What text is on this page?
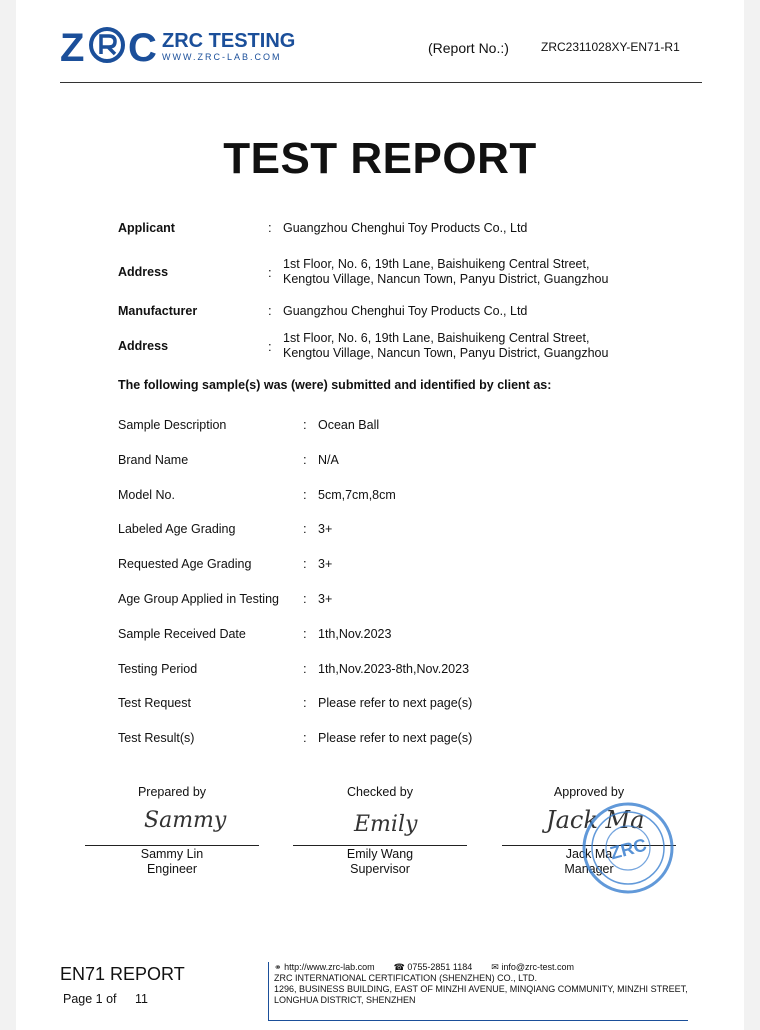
Z C ZRC TESTING
WWW.ZRC-LAB.COM
(Report No.:)	ZRC2311028XY-EN71-R1
TEST REPORT
Applicant	: Guangzhou Chenghui Toy Products Co., Ltd
Address	:
1st Floor, No. 6, 19th Lane, Baishuikeng Central Street,
Kengtou Village, Nancun Town, Panyu District, Guangzhou
Manufacturer	: Guangzhou Chenghui Toy Products Co., Ltd
Address	:
1st Floor, No. 6, 19th Lane, Baishuikeng Central Street,
Kengtou Village, Nancun Town, Panyu District, Guangzhou
The following sample(s) was (were) submitted and identified by client as:
Sample Description	: Ocean Ball
Brand Name	: N/A
Model No.	: 5cm,7cm,8cm
Labeled Age Grading	: 3+
Requested Age Grading	: 3+
Age Group Applied in Testing : 3+
Sample Received Date	: 1th,Nov.2023
Testing Period	: 1th,Nov.2023-8th,Nov.2023
Test Request	: Please refer to next page(s)
Test Result(s)	: Please refer to next page(s)
Prepared by
Sammy
Sammy Lin
Engineer
Checked by
Emily
Emily Wang
Supervisor
Approved by
Jack Ma
Jack Ma
Manager
ZRC
EN71 REPORT
Page 1 of 11
⚭ http://www.zrc-lab.com ☎ 0755-2851 1184 ✉ info@zrc-test.com
ZRC INTERNATIONAL CERTIFICATION (SHENZHEN) CO., LTD.
1296, BUSINESS BUILDING, EAST OF MINZHI AVENUE, MINQIANG COMMUNITY, MINZHI STREET,
LONGHUA DISTRICT, SHENZHEN
